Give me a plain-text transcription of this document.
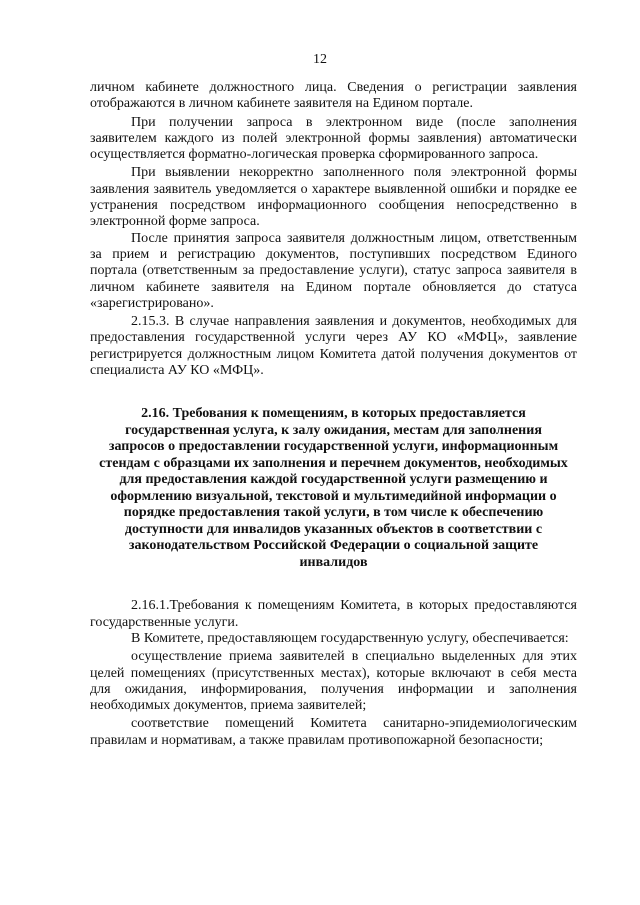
12

личном кабинете должностного лица. Сведения о регистрации заявления отображаются в личном кабинете заявителя на Едином портале.

При получении запроса в электронном виде (после заполнения заявителем каждого из полей электронной формы заявления) автоматически осуществляется форматно-логическая проверка сформированного запроса.

При выявлении некорректно заполненного поля электронной формы заявления заявитель уведомляется о характере выявленной ошибки и порядке ее устранения посредством информационного сообщения непосредственно в электронной форме запроса.

После принятия запроса заявителя должностным лицом, ответственным за прием и регистрацию документов, поступивших посредством Единого портала (ответственным за предоставление услуги), статус запроса заявителя в личном кабинете заявителя на Едином портале обновляется до статуса «зарегистрировано».

2.15.3. В случае направления заявления и документов, необходимых для предоставления государственной услуги через АУ КО «МФЦ», заявление регистрируется должностным лицом Комитета датой получения документов от специалиста АУ КО «МФЦ».

2.16. Требования к помещениям, в которых предоставляется государственная услуга, к залу ожидания, местам для заполнения запросов о предоставлении государственной услуги, информационным стендам с образцами их заполнения и перечнем документов, необходимых для предоставления каждой государственной услуги размещению и оформлению визуальной, текстовой и мультимедийной информации о порядке предоставления такой услуги, в том числе к обеспечению доступности для инвалидов указанных объектов в соответствии с законодательством Российской Федерации о социальной защите инвалидов

2.16.1.Требования к помещениям Комитета, в которых предоставляются государственные услуги.

В Комитете, предоставляющем государственную услугу, обеспечивается:

осуществление приема заявителей в специально выделенных для этих целей помещениях (присутственных местах), которые включают в себя места для ожидания, информирования, получения информации и заполнения необходимых документов, приема заявителей;

соответствие помещений Комитета санитарно-эпидемиологическим правилам и нормативам, а также правилам противопожарной безопасности;
